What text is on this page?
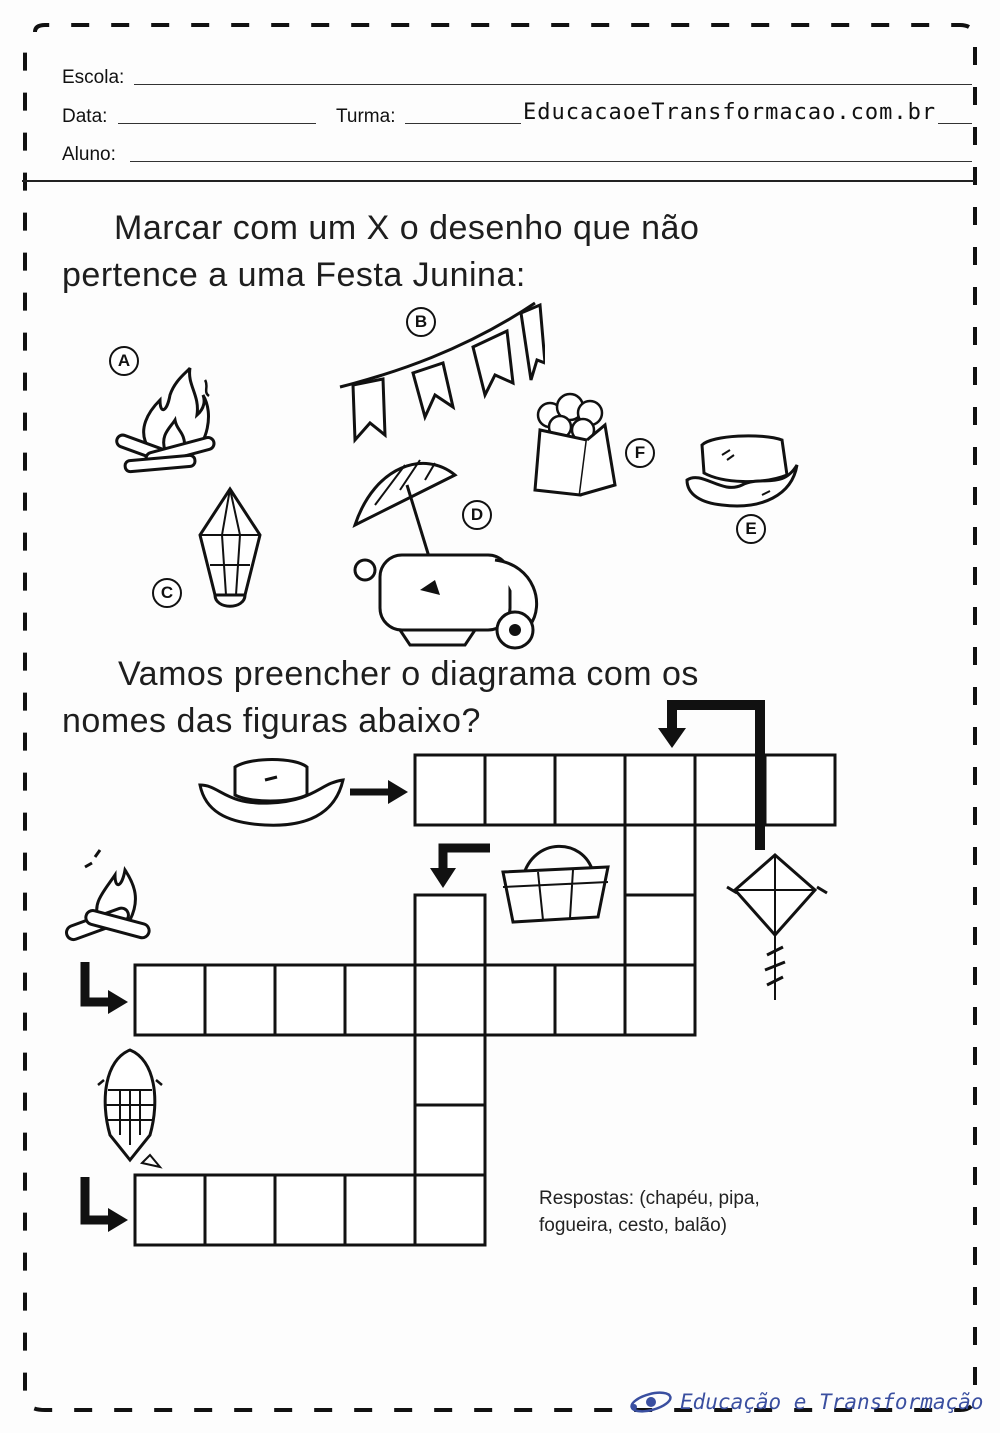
Escola:
Data:	Turma:	EducacaoeTransformacao.com.br
Aluno:
Marcar com um X o desenho que não
pertence a uma Festa Junina:
A
B
C
D
F
E
Vamos preencher o diagrama com os
nomes das figuras abaixo?
Respostas: (chapéu, pipa,
fogueira, cesto, balão)
Educação e Transformação
